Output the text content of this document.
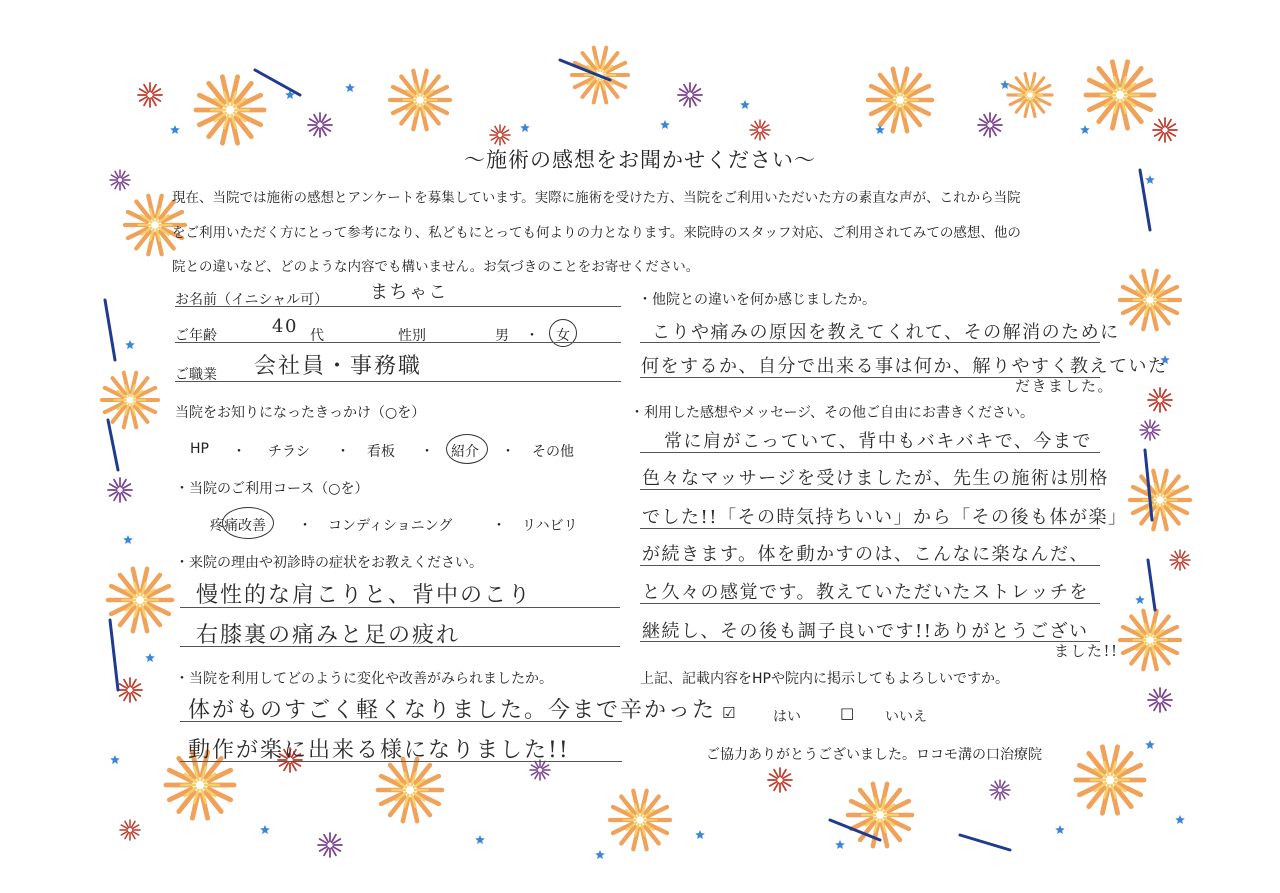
〜施術の感想をお聞かせください〜
現在、当院では施術の感想とアンケートを募集しています。実際に施術を受けた方、当院をご利用いただいた方の素直な声が、これから当院
をご利用いただく方にとって参考になり、私どもにとっても何よりの力となります。来院時のスタッフ対応、ご利用されてみての感想、他の
院との違いなど、どのような内容でも構いません。お気づきのことをお寄せください。
お名前（イニシャル可） まちゃこ
ご年齢	40 代	性別	男 ・ 女
ご職業 会社員・事務職
当院をお知りになったきっかけ（○を）
HP ・ チラシ ・ 看板 ・ 紹介 ・ その他
・当院のご利用コース（○を）
疼痛改善 ・ コンディショニング	・ リハビリ
・来院の理由や初診時の症状をお教えください。
慢性的な肩こりと、背中のこり
右膝裏の痛みと足の疲れ
・当院を利用してどのように変化や改善がみられましたか。
体がものすごく軽くなりました。今まで辛かった
動作が楽に出来る様になりました!!
・他院との違いを何か感じましたか。
こりや痛みの原因を教えてくれて、その解消のために
何をするか、自分で出来る事は何か、解りやすく教えていた
だきました。
・利用した感想やメッセージ、その他ご自由にお書きください。
常に肩がこっていて、背中もバキバキで、今まで
色々なマッサージを受けましたが、先生の施術は別格
でした!!「その時気持ちいい」から「その後も体が楽」
が続きます。体を動かすのは、こんなに楽なんだ、
と久々の感覚です。教えていただいたストレッチを
継続し、その後も調子良いです!!ありがとうござい
ました!!
上記、記載内容をHPや院内に掲示してもよろしいですか。
☑	はい	□ いいえ
ご協力ありがとうございました。ロコモ溝の口治療院
